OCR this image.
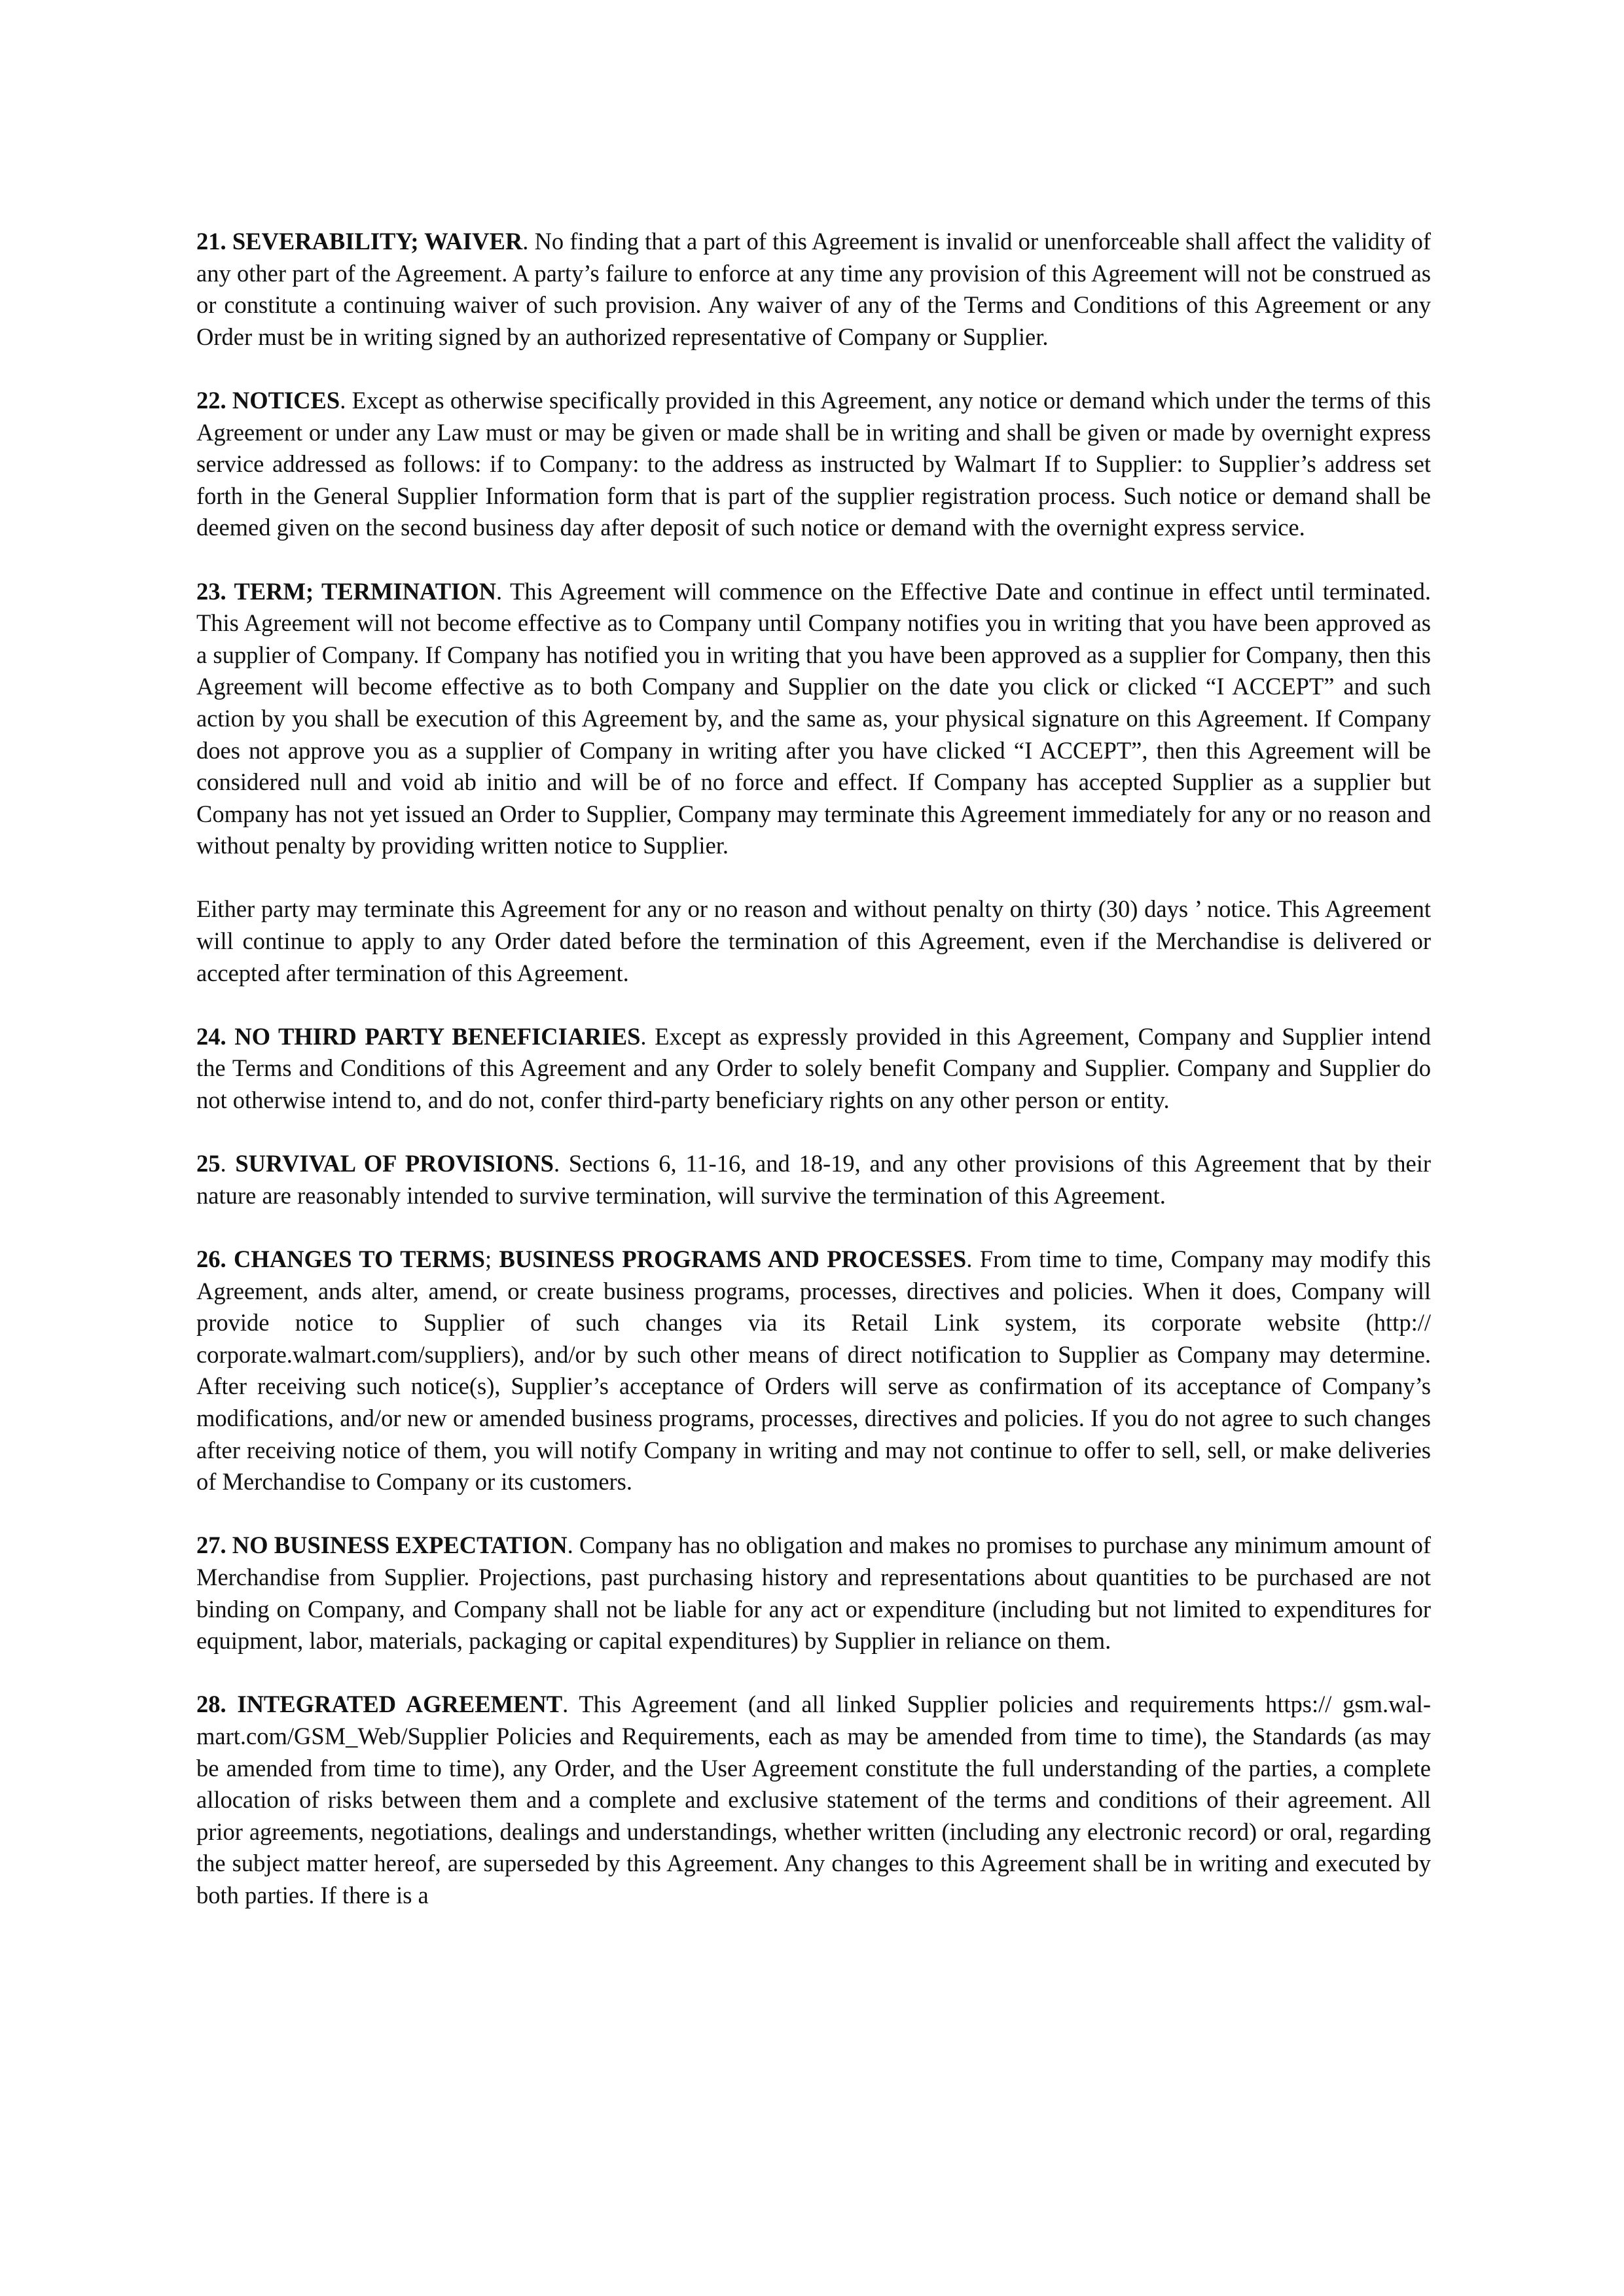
21. SEVERABILITY; WAIVER. No finding that a part of this Agreement is invalid or unenforceable shall affect the validity of any other part of the Agreement. A party’s failure to enforce at any time any provision of this Agreement will not be construed as or constitute a continuing waiver of such provision. Any waiver of any of the Terms and Conditions of this Agreement or any Order must be in writing signed by an authorized representative of Company or Supplier.

22. NOTICES. Except as otherwise specifically provided in this Agreement, any notice or demand which under the terms of this Agreement or under any Law must or may be given or made shall be in writing and shall be given or made by overnight express service addressed as follows: if to Company: to the address as instructed by Walmart If to Supplier: to Supplier’s address set forth in the General Supplier Information form that is part of the supplier registration process. Such notice or demand shall be deemed given on the second business day after deposit of such notice or demand with the overnight express service.

23. TERM; TERMINATION. This Agreement will commence on the Effective Date and continue in effect until terminated. This Agreement will not become effective as to Company until Company notifies you in writing that you have been approved as a supplier of Company. If Company has notified you in writing that you have been approved as a supplier for Company, then this Agreement will become effective as to both Company and Supplier on the date you click or clicked “I ACCEPT” and such action by you shall be execution of this Agreement by, and the same as, your physical signature on this Agreement. If Company does not approve you as a supplier of Company in writing after you have clicked “I ACCEPT”, then this Agreement will be considered null and void ab initio and will be of no force and effect. If Company has accepted Supplier as a supplier but Company has not yet issued an Order to Supplier, Company may terminate this Agreement immediately for any or no reason and without penalty by providing written notice to Supplier.

Either party may terminate this Agreement for any or no reason and without penalty on thirty (30) days ’ notice. This Agreement will continue to apply to any Order dated before the termination of this Agreement, even if the Merchandise is delivered or accepted after termination of this Agreement.

24. NO THIRD PARTY BENEFICIARIES. Except as expressly provided in this Agreement, Company and Supplier intend the Terms and Conditions of this Agreement and any Order to solely benefit Company and Supplier. Company and Supplier do not otherwise intend to, and do not, confer third-party beneficiary rights on any other person or entity.

25. SURVIVAL OF PROVISIONS. Sections 6, 11-16, and 18-19, and any other provisions of this Agreement that by their nature are reasonably intended to survive termination, will survive the termination of this Agreement.

26. CHANGES TO TERMS; BUSINESS PROGRAMS AND PROCESSES. From time to time, Company may modify this Agreement, ands alter, amend, or create business programs, processes, directives and policies. When it does, Company will provide notice to Supplier of such changes via its Retail Link system, its corporate website (http:// corporate.walmart.com/suppliers), and/or by such other means of direct notification to Supplier as Company may determine. After receiving such notice(s), Supplier’s acceptance of Orders will serve as confirmation of its acceptance of Company’s modifications, and/or new or amended business programs, processes, directives and policies. If you do not agree to such changes after receiving notice of them, you will notify Company in writing and may not continue to offer to sell, sell, or make deliveries of Merchandise to Company or its customers.

27. NO BUSINESS EXPECTATION. Company has no obligation and makes no promises to purchase any minimum amount of Merchandise from Supplier. Projections, past purchasing history and representations about quantities to be purchased are not binding on Company, and Company shall not be liable for any act or expenditure (including but not limited to expenditures for equipment, labor, materials, packaging or capital expenditures) by Supplier in reliance on them.

28. INTEGRATED AGREEMENT. This Agreement (and all linked Supplier policies and requirements https:// gsm.wal-mart.com/GSM_Web/Supplier Policies and Requirements, each as may be amended from time to time), the Standards (as may be amended from time to time), any Order, and the User Agreement constitute the full understanding of the parties, a complete allocation of risks between them and a complete and exclusive statement of the terms and conditions of their agreement. All prior agreements, negotiations, dealings and understandings, whether written (including any electronic record) or oral, regarding the subject matter hereof, are superseded by this Agreement. Any changes to this Agreement shall be in writing and executed by both parties. If there is a
